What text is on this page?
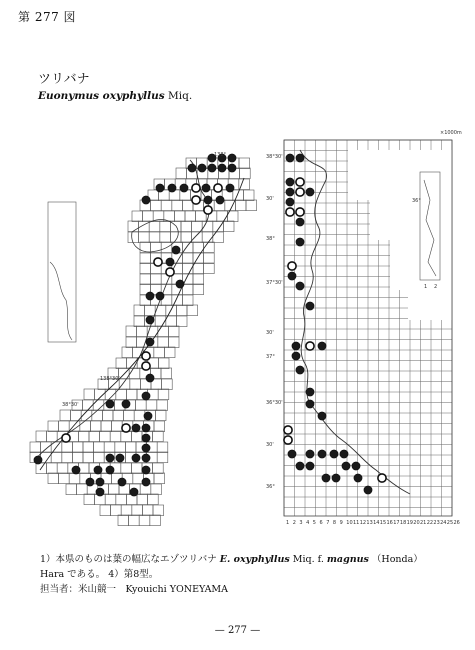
第 277 図
ツリバナ
Euonymus oxyphyllus Miq.
×1000m
138°
138°30'
38°30'
38°30'
30'
38°
37°30'
30'
37°
36°30'
30'
36°
1 2 3 4 5 6 7 8 9 10 11 12 13 14 15 16 17 18 19 20 21 22 23 24 25 26
36°
1 2
1）本県のものは葉の幅広なエゾツリバナ E. oxyphyllus Miq. f. magnus （Honda）
Hara である。 4）第8型。
担当者：米山競一　Kyouichi YONEYAMA
— 277 —
